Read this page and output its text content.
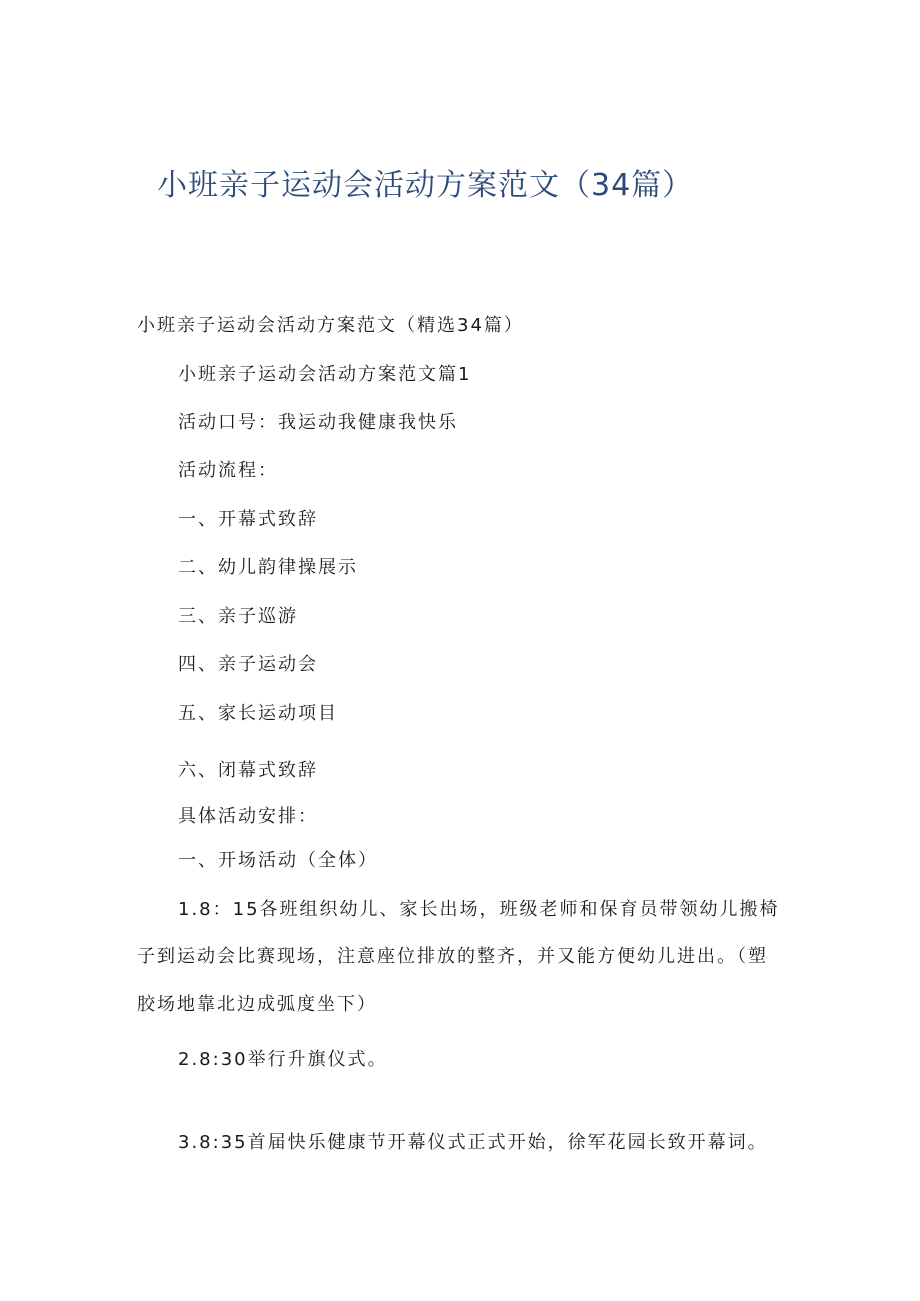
小班亲子运动会活动方案范文（34篇）

小班亲子运动会活动方案范文（精选34篇）

小班亲子运动会活动方案范文篇1

活动口号：我运动我健康我快乐

活动流程：

一、开幕式致辞

二、幼儿韵律操展示

三、亲子巡游

四、亲子运动会

五、家长运动项目

六、闭幕式致辞

具体活动安排：

一、开场活动（全体）

1.8：15各班组织幼儿、家长出场，班级老师和保育员带领幼儿搬椅
子到运动会比赛现场，注意座位排放的整齐，并又能方便幼儿进出。（塑
胶场地靠北边成弧度坐下）

2.8:30举行升旗仪式。

3.8:35首届快乐健康节开幕仪式正式开始，徐军花园长致开幕词。
